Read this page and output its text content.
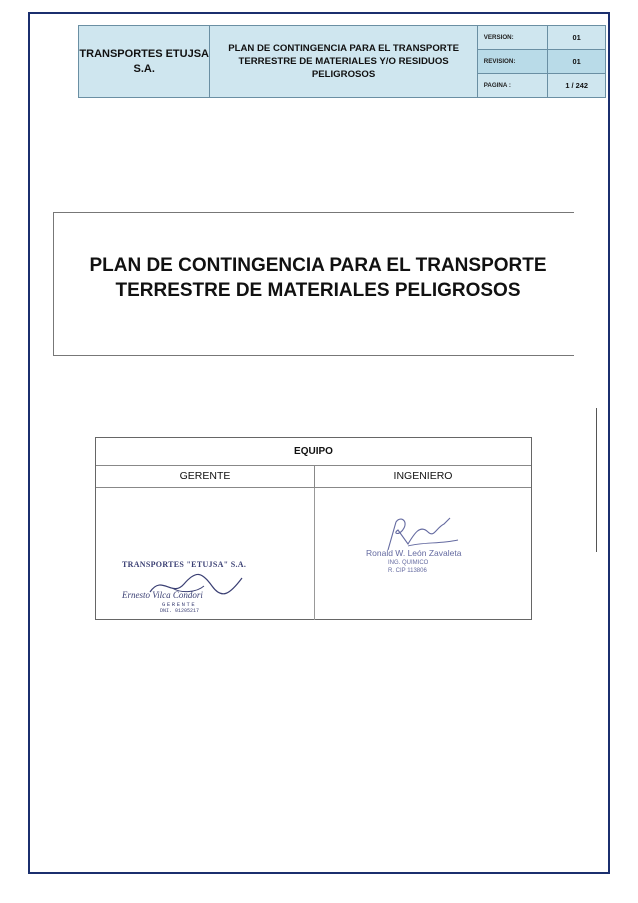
TRANSPORTES ETUJSA S.A.	PLAN DE CONTINGENCIA PARA EL TRANSPORTE TERRESTRE DE MATERIALES Y/O RESIDUOS PELIGROSOS	VERSION:	01
		REVISION:	01
		PAGINA :	1 / 242
PLAN DE CONTINGENCIA PARA EL TRANSPORTE TERRESTRE DE MATERIALES PELIGROSOS
EQUIPO
GERENTE	INGENIERO
TRANSPORTES "ETUJSA" S.A.
Ernesto Vilca Condori
GERENTE
DNI. 01205217
Ronald W. León Zavaleta
ING. QUIMICO
R. CIP 113806
